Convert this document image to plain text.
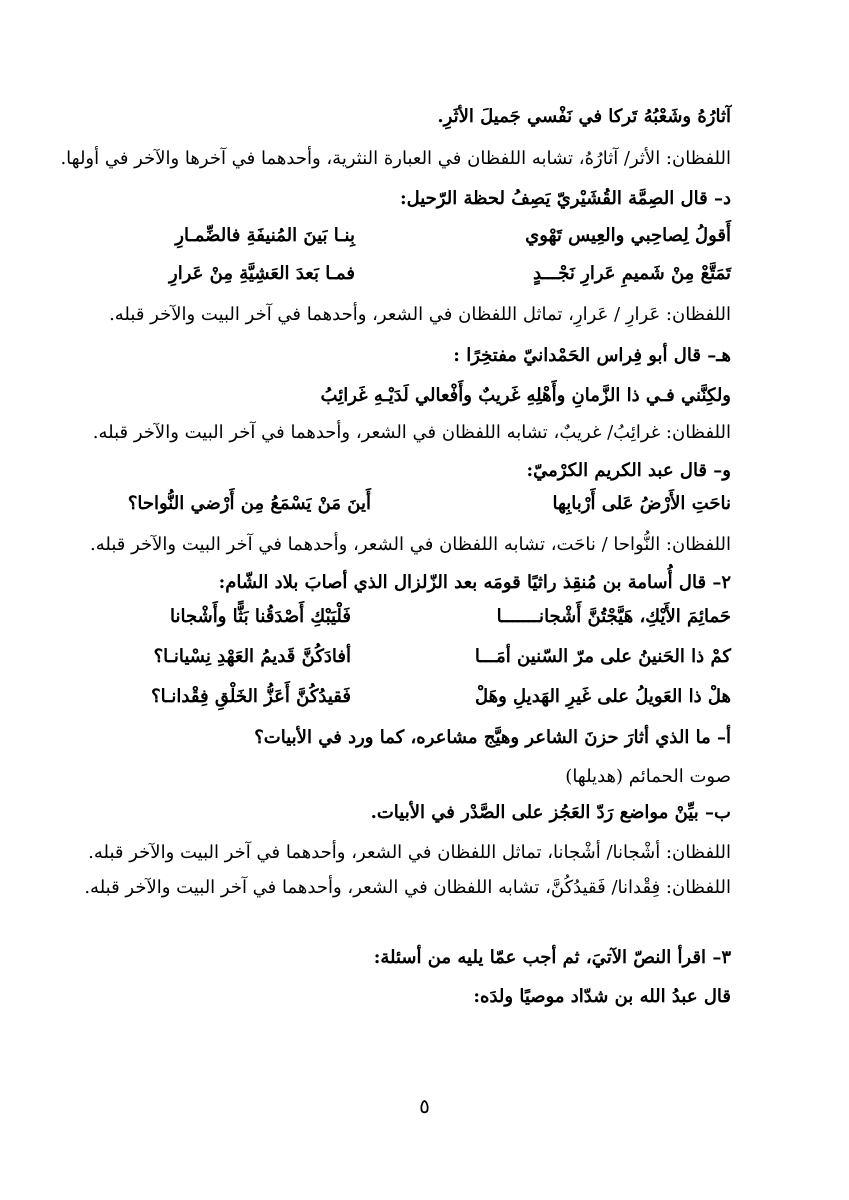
آثارُهُ وشَعْبُهُ تَركا في نَفْسي جَميلَ الأثَرِ.
اللفظان: الأثر/ آثارُهُ، تشابه اللفظان في العبارة النثرية، وأحدهما في آخرها والآخر في أولها.
د– قال الصِمَّة القُشَيْريّ يَصِفُ لحظة الرّحيل:
أَقولُ لِصاحِبي والعِيس تَهْوي
بِنـا بَينَ المُنيفَةِ فالضِّمـارِ
تَمَتَّعْ مِنْ شَميمِ عَرارِ نَجْـــدٍ
فمـا بَعدَ العَشِيَّةِ مِنْ عَرارِ
اللفظان: عَرارِ / عَرارِ، تماثل اللفظان في الشعر، وأحدهما في آخر البيت والآخر قبله.
هـ– قال أبو فِراس الحَمْدانيّ مفتخِرًا :
ولكِنَّني فـي ذا الزَّمانِ وأَهْلِهِ غَريبٌ وأَفْعالي لَدَيْـهِ غَرائِبُ
اللفظان: غرائِبُ/ غريبٌ، تشابه اللفظان في الشعر، وأحدهما في آخر البيت والآخر قبله.
و– قال عبد الكريم الكرْميّ:
ناحَتِ الأَرْضُ عَلى أَرْبابِها
أَينَ مَنْ يَسْمَعُ مِن أَرْضي النُّواحا؟
اللفظان: النُّواحا / ناحَت، تشابه اللفظان في الشعر، وأحدهما في آخر البيت والآخر قبله.
٢– قال أُسامة بن مُنقِذ راثيًا قومَه بعد الزّلزال الذي أصابَ بلاد الشّام:
حَمائِمَ الأَيْكِ، هَيَّجْتُنَّ أَشْجانـــــــا
فَلْيَبْكِ أَصْدَقُنا بَثًّا وأَشْجانا
كمْ ذا الحَنينُ على مرّ السّنين أمَـــا
أفادَكُنَّ قَديمُ العَهْدِ نِسْيانـا؟
هلْ ذا العَويلُ على غَيرِ الهَديلِ وهَلْ
فَقيدُكُنَّ أَعَزُّ الخَلْقِ فِقْدانـا؟
أ– ما الذي أثارَ حزنَ الشاعر وهيَّج مشاعره، كما ورد في الأبيات؟
صوت الحمائم (هديلها)
ب– بيِّنْ مواضع رَدّ العَجُز على الصَّدْر في الأبيات.
اللفظان: أشْجانا/ أشْجانا، تماثل اللفظان في الشعر، وأحدهما في آخر البيت والآخر قبله.
اللفظان: فِقْدانا/ فَقيدُكُنَّ، تشابه اللفظان في الشعر، وأحدهما في آخر البيت والآخر قبله.
٣– اقرأ النصّ الآتيَ، ثم أجب عمّا يليه من أسئلة:
قال عبدُ الله بن شدّاد موصيًا ولدَه:
٥
